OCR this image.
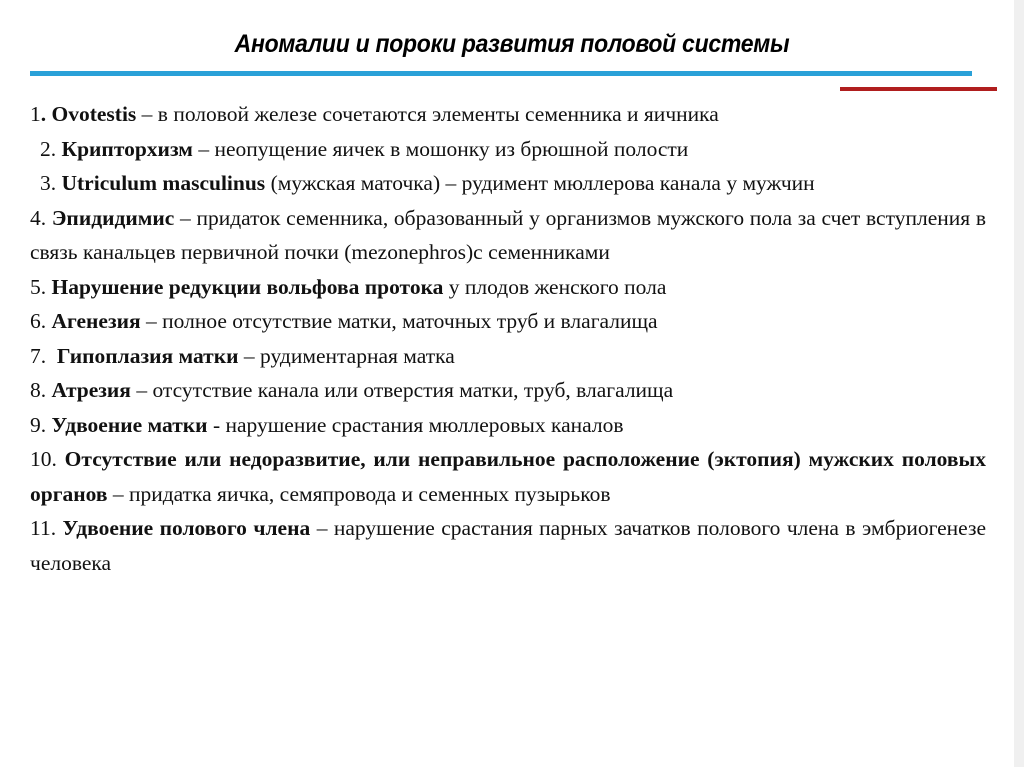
Аномалии и пороки развития половой системы
1. Ovotestis – в половой железе сочетаются элементы семенника и яичника
2. Крипторхизм – неопущение яичек в мошонку из брюшной полости
3. Utriculum masculinus (мужская маточка) – рудимент мюллерова канала у мужчин
4. Эпидидимис – придаток семенника, образованный у организмов мужского пола за счет вступления в связь канальцев первичной почки (mezonephros)с семенниками
5. Нарушение редукции вольфова протока у плодов женского пола
6. Агенезия – полное отсутствие матки, маточных труб и влагалища
7.  Гипоплазия матки – рудиментарная матка
8. Атрезия – отсутствие канала или отверстия матки, труб, влагалища
9. Удвоение матки - нарушение срастания мюллеровых каналов
10. Отсутствие или недоразвитие, или неправильное расположение (эктопия) мужских половых органов – придатка яичка, семяпровода и семенных пузырьков
11. Удвоение полового члена – нарушение срастания парных зачатков полового члена в эмбриогенезе человека
